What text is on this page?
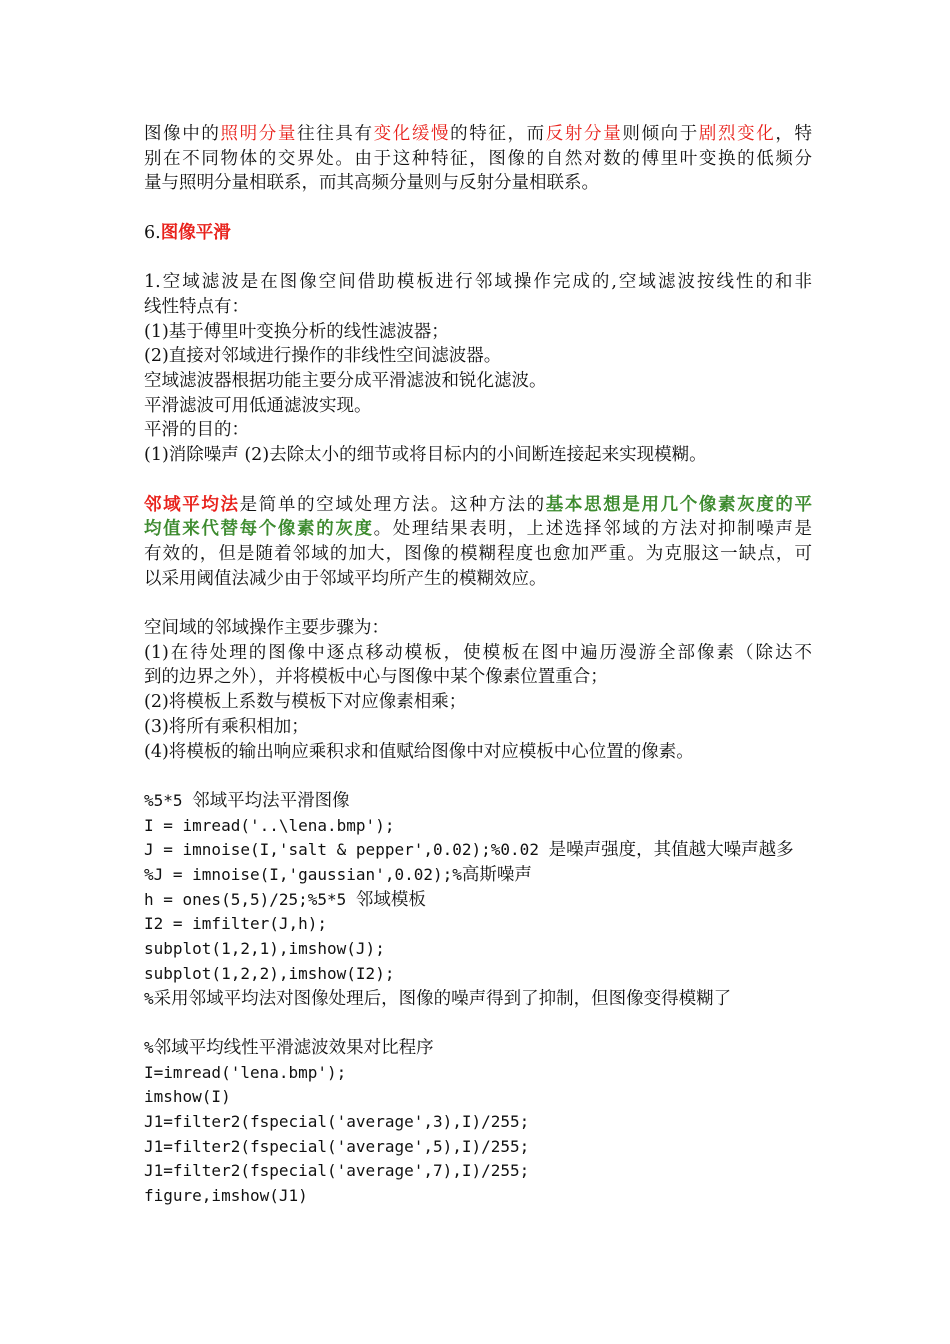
图像中的照明分量往往具有变化缓慢的特征，而反射分量则倾向于剧烈变化，特
别在不同物体的交界处。由于这种特征，图像的自然对数的傅里叶变换的低频分
量与照明分量相联系，而其高频分量则与反射分量相联系。
6.图像平滑
1.空域滤波是在图像空间借助模板进行邻域操作完成的,空域滤波按线性的和非
线性特点有：
(1)基于傅里叶变换分析的线性滤波器；
(2)直接对邻域进行操作的非线性空间滤波器。
空域滤波器根据功能主要分成平滑滤波和锐化滤波。
平滑滤波可用低通滤波实现。
平滑的目的：
(1)消除噪声 (2)去除太小的细节或将目标内的小间断连接起来实现模糊。
邻域平均法是简单的空域处理方法。这种方法的基本思想是用几个像素灰度的平
均值来代替每个像素的灰度。处理结果表明，上述选择邻域的方法对抑制噪声是
有效的，但是随着邻域的加大，图像的模糊程度也愈加严重。为克服这一缺点，可
以采用阈值法减少由于邻域平均所产生的模糊效应。
空间域的邻域操作主要步骤为：
(1)在待处理的图像中逐点移动模板，使模板在图中遍历漫游全部像素（除达不
到的边界之外），并将模板中心与图像中某个像素位置重合；
(2)将模板上系数与模板下对应像素相乘；
(3)将所有乘积相加；
(4)将模板的输出响应乘积求和值赋给图像中对应模板中心位置的像素。
%5*5 邻域平均法平滑图像
I = imread('..\lena.bmp');
J = imnoise(I,'salt & pepper',0.02);%0.02 是噪声强度，其值越大噪声越多
%J = imnoise(I,'gaussian',0.02);%高斯噪声
h = ones(5,5)/25;%5*5 邻域模板
I2 = imfilter(J,h);
subplot(1,2,1),imshow(J);
subplot(1,2,2),imshow(I2);
%采用邻域平均法对图像处理后，图像的噪声得到了抑制，但图像变得模糊了
%邻域平均线性平滑滤波效果对比程序
I=imread('lena.bmp');
imshow(I)
J1=filter2(fspecial('average',3),I)/255;
J1=filter2(fspecial('average',5),I)/255;
J1=filter2(fspecial('average',7),I)/255;
figure,imshow(J1)
